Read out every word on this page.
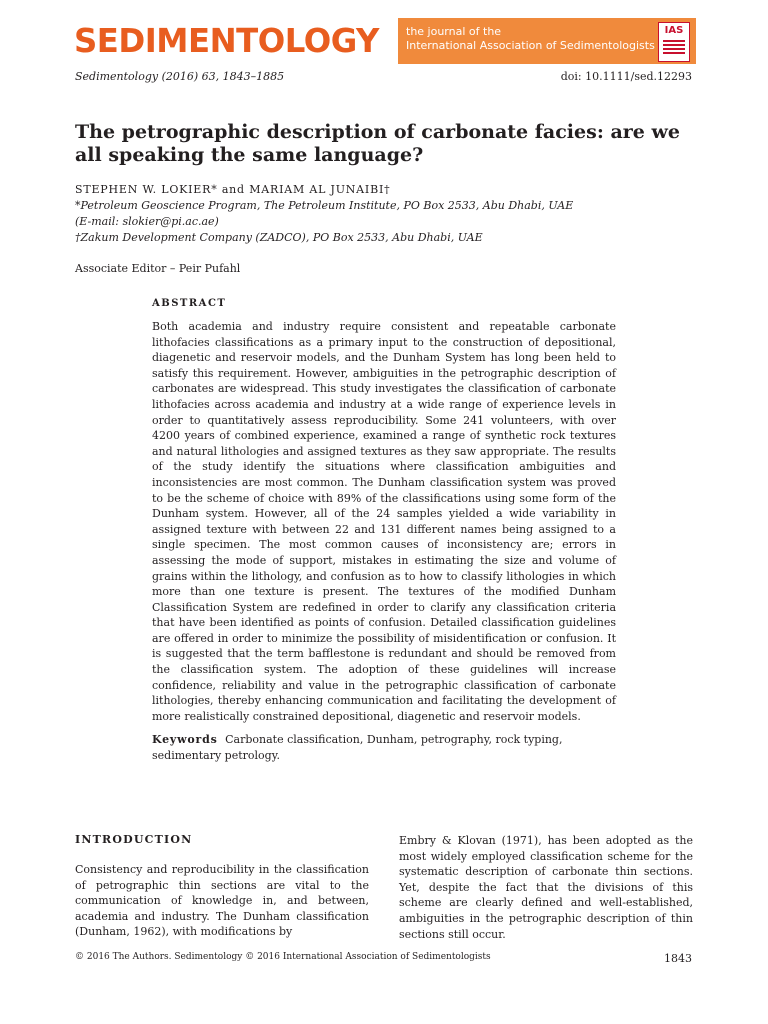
SEDIMENTOLOGY the journal of the
International Association of Sedimentologists
IAS
Sedimentology (2016) 63, 1843–1885	doi: 10.1111/sed.12293
The petrographic description of carbonate facies: are we all speaking the same language?
STEPHEN W. LOKIER* and MARIAM AL JUNAIBI†
*Petroleum Geoscience Program, The Petroleum Institute, PO Box 2533, Abu Dhabi, UAE
(E-mail: slokier@pi.ac.ae)
†Zakum Development Company (ZADCO), PO Box 2533, Abu Dhabi, UAE
Associate Editor – Peir Pufahl
ABSTRACT

Both academia and industry require consistent and repeatable carbonate lithofacies classifications as a primary input to the construction of depositional, diagenetic and reservoir models, and the Dunham System has long been held to satisfy this requirement. However, ambiguities in the petrographic description of carbonates are widespread. This study investigates the classification of carbonate lithofacies across academia and industry at a wide range of experience levels in order to quantitatively assess reproducibility. Some 241 volunteers, with over 4200 years of combined experience, examined a range of synthetic rock textures and natural lithologies and assigned textures as they saw appropriate. The results of the study identify the situations where classification ambiguities and inconsistencies are most common. The Dunham classification system was proved to be the scheme of choice with 89% of the classifications using some form of the Dunham system. However, all of the 24 samples yielded a wide variability in assigned texture with between 22 and 131 different names being assigned to a single specimen. The most common causes of inconsistency are; errors in assessing the mode of support, mistakes in estimating the size and volume of grains within the lithology, and confusion as to how to classify lithologies in which more than one texture is present. The textures of the modified Dunham Classification System are redefined in order to clarify any classification criteria that have been identified as points of confusion. Detailed classification guidelines are offered in order to minimize the possibility of misidentification or confusion. It is suggested that the term bafflestone is redundant and should be removed from the classification system. The adoption of these guidelines will increase confidence, reliability and value in the petrographic classification of carbonate lithologies, thereby enhancing communication and facilitating the development of more realistically constrained depositional, diagenetic and reservoir models.

Keywords Carbonate classification, Dunham, petrography, rock typing, sedimentary petrology.
INTRODUCTION

Consistency and reproducibility in the classification of petrographic thin sections are vital to the communication of knowledge in, and between, academia and industry. The Dunham classification (Dunham, 1962), with modifications by

Embry & Klovan (1971), has been adopted as the most widely employed classification scheme for the systematic description of carbonate thin sections. Yet, despite the fact that the divisions of this scheme are clearly defined and well-established, ambiguities in the petrographic description of thin sections still occur.

© 2016 The Authors. Sedimentology © 2016 International Association of Sedimentologists	1843
